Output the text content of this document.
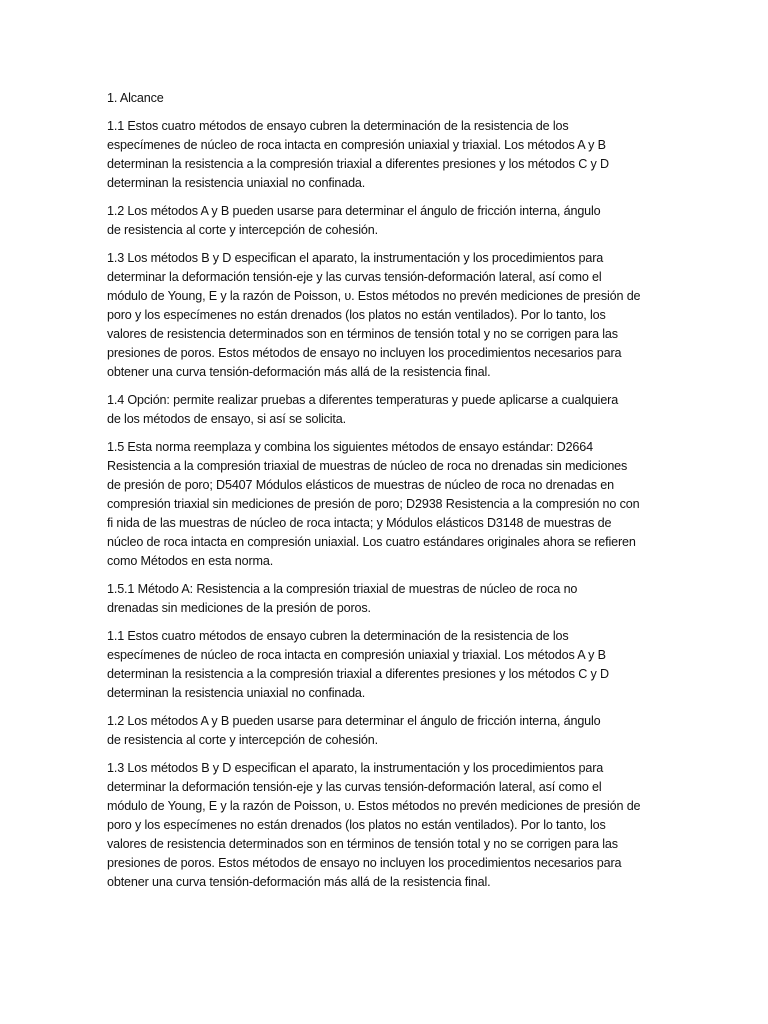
1. Alcance
1.1 Estos cuatro métodos de ensayo cubren la determinación de la resistencia de los
especímenes de núcleo de roca intacta en compresión uniaxial y triaxial. Los métodos A y B
determinan la resistencia a la compresión triaxial a diferentes presiones y los métodos C y D
determinan la resistencia uniaxial no confinada.
1.2 Los métodos A y B pueden usarse para determinar el ángulo de fricción interna, ángulo
de resistencia al corte y intercepción de cohesión.
1.3 Los métodos B y D especifican el aparato, la instrumentación y los procedimientos para
determinar la deformación tensión-eje y las curvas tensión-deformación lateral, así como el
módulo de Young, E y la razón de Poisson, υ. Estos métodos no prevén mediciones de presión de
poro y los especímenes no están drenados (los platos no están ventilados). Por lo tanto, los
valores de resistencia determinados son en términos de tensión total y no se corrigen para las
presiones de poros. Estos métodos de ensayo no incluyen los procedimientos necesarios para
obtener una curva tensión-deformación más allá de la resistencia final.
1.4 Opción: permite realizar pruebas a diferentes temperaturas y puede aplicarse a cualquiera
de los métodos de ensayo, si así se solicita.
1.5 Esta norma reemplaza y combina los siguientes métodos de ensayo estándar: D2664
Resistencia a la compresión triaxial de muestras de núcleo de roca no drenadas sin mediciones
de presión de poro; D5407 Módulos elásticos de muestras de núcleo de roca no drenadas en
compresión triaxial sin mediciones de presión de poro; D2938 Resistencia a la compresión no con
fi nida de las muestras de núcleo de roca intacta; y Módulos elásticos D3148 de muestras de
núcleo de roca intacta en compresión uniaxial. Los cuatro estándares originales ahora se refieren
como Métodos en esta norma.
1.5.1 Método A: Resistencia a la compresión triaxial de muestras de núcleo de roca no
drenadas sin mediciones de la presión de poros.
1.1 Estos cuatro métodos de ensayo cubren la determinación de la resistencia de los
especímenes de núcleo de roca intacta en compresión uniaxial y triaxial. Los métodos A y B
determinan la resistencia a la compresión triaxial a diferentes presiones y los métodos C y D
determinan la resistencia uniaxial no confinada.
1.2 Los métodos A y B pueden usarse para determinar el ángulo de fricción interna, ángulo
de resistencia al corte y intercepción de cohesión.
1.3 Los métodos B y D especifican el aparato, la instrumentación y los procedimientos para
determinar la deformación tensión-eje y las curvas tensión-deformación lateral, así como el
módulo de Young, E y la razón de Poisson, υ. Estos métodos no prevén mediciones de presión de
poro y los especímenes no están drenados (los platos no están ventilados). Por lo tanto, los
valores de resistencia determinados son en términos de tensión total y no se corrigen para las
presiones de poros. Estos métodos de ensayo no incluyen los procedimientos necesarios para
obtener una curva tensión-deformación más allá de la resistencia final.
